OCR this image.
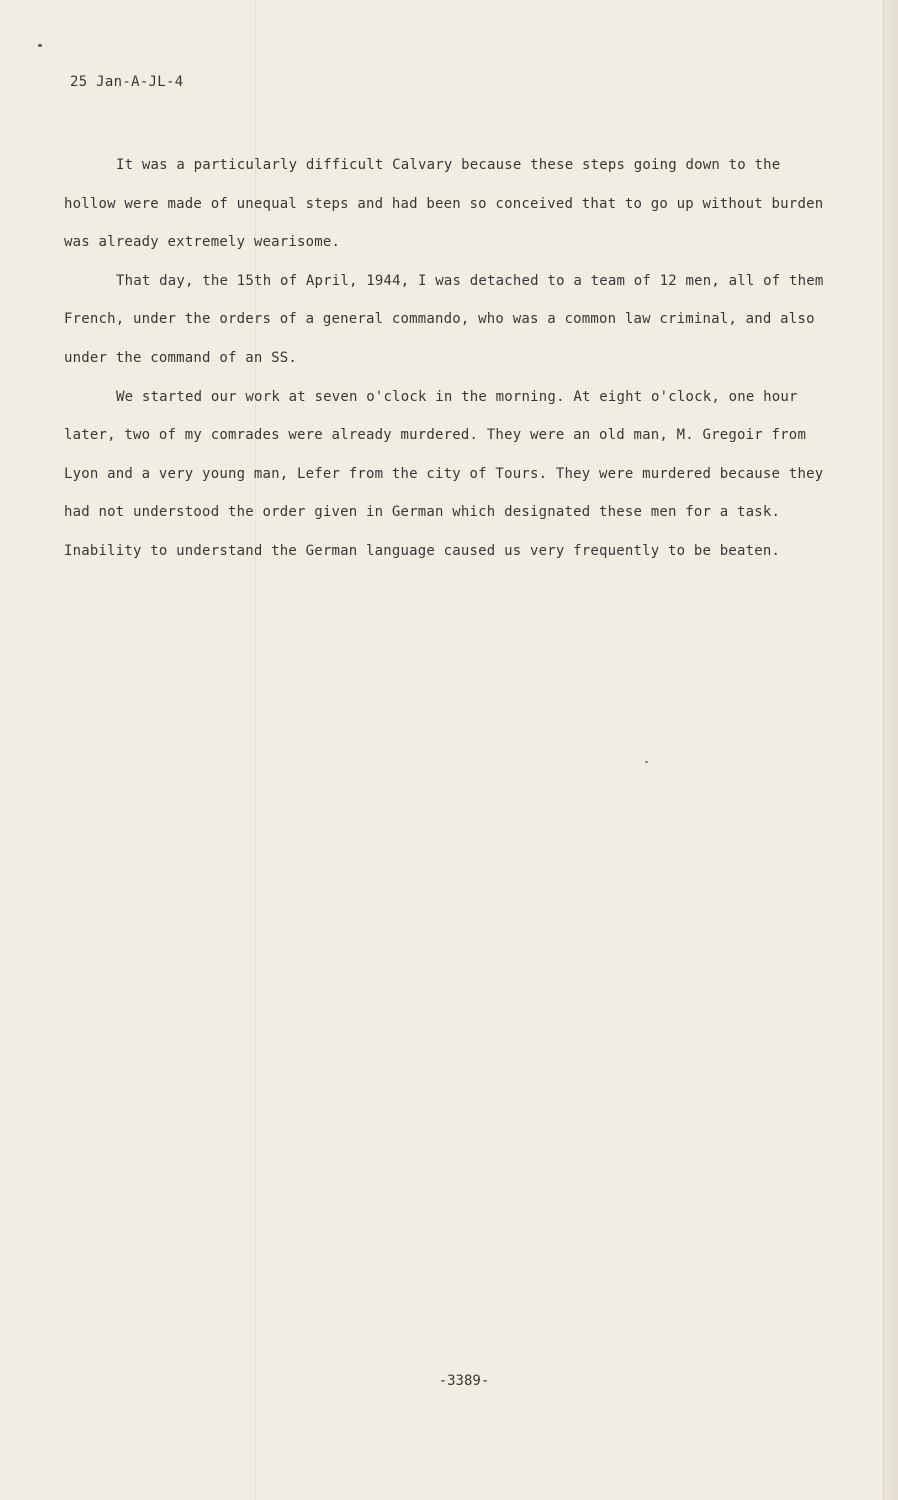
25 Jan-A-JL-4

It was a particularly difficult Calvary because these steps going down to the hollow were made of unequal steps and had been so conceived that to go up without burden was already extremely wearisome.

That day, the 15th of April, 1944, I was detached to a team of 12 men, all of them French, under the orders of a general commando, who was a common law criminal, and also under the command of an SS.

We started our work at seven o'clock in the morning. At eight o'clock, one hour later, two of my comrades were already murdered. They were an old man, M. Gregoir from Lyon and a very young man, Lefer from the city of Tours. They were murdered because they had not understood the order given in German which designated these men for a task. Inability to understand the German language caused us very frequently to be beaten.

-3389-
